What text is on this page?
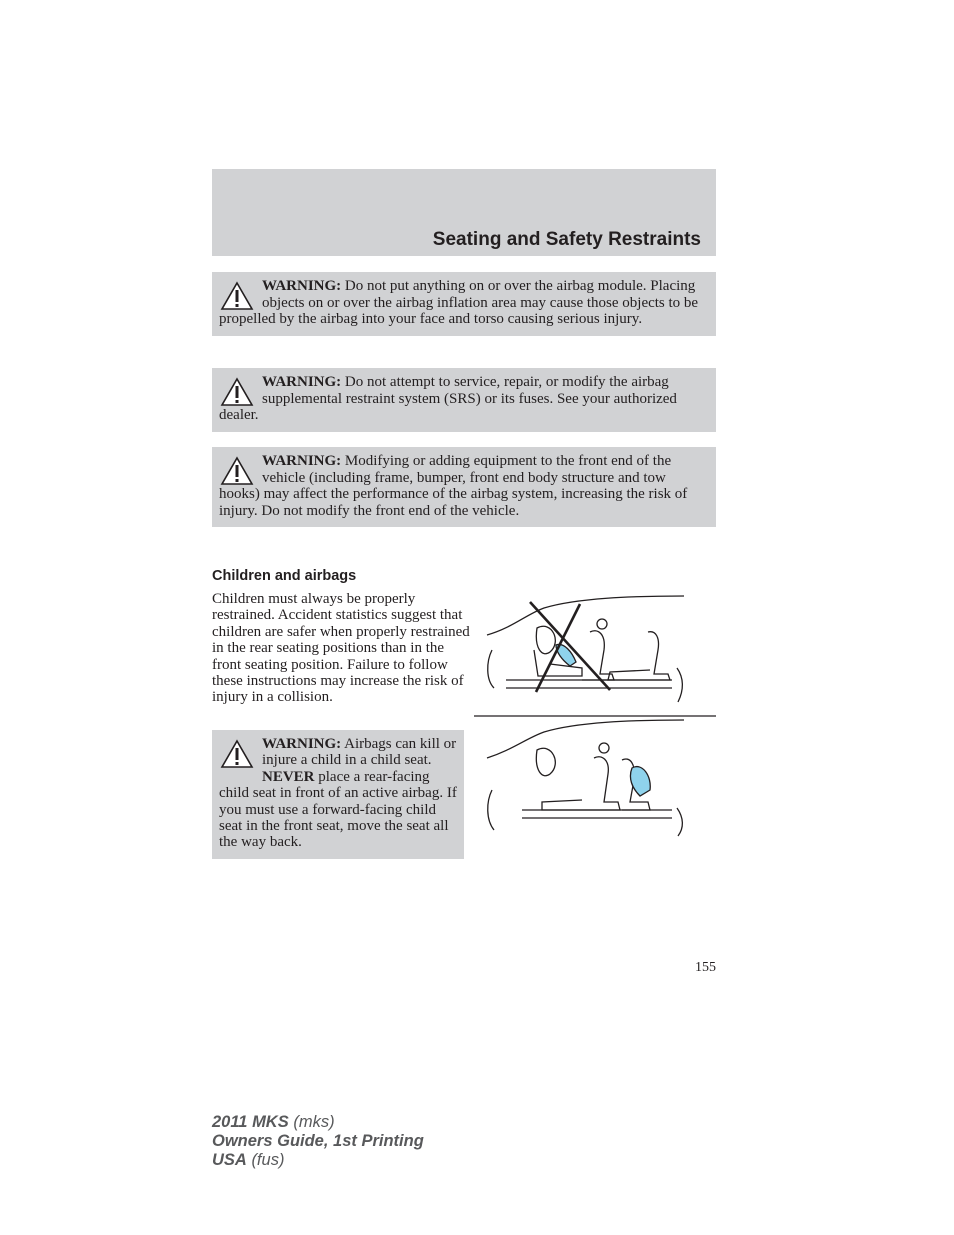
Seating and Safety Restraints
WARNING: Do not put anything on or over the airbag module. Placing objects on or over the airbag inflation area may cause those objects to be propelled by the airbag into your face and torso causing serious injury.
WARNING: Do not attempt to service, repair, or modify the airbag supplemental restraint system (SRS) or its fuses. See your authorized dealer.
WARNING: Modifying or adding equipment to the front end of the vehicle (including frame, bumper, front end body structure and tow hooks) may affect the performance of the airbag system, increasing the risk of injury. Do not modify the front end of the vehicle.
Children and airbags
Children must always be properly restrained. Accident statistics suggest that children are safer when properly restrained in the rear seating positions than in the front seating position. Failure to follow these instructions may increase the risk of injury in a collision.
WARNING: Airbags can kill or injure a child in a child seat. NEVER place a rear-facing child seat in front of an active airbag. If you must use a forward-facing child seat in the front seat, move the seat all the way back.
155
2011 MKS (mks)
Owners Guide, 1st Printing
USA (fus)
